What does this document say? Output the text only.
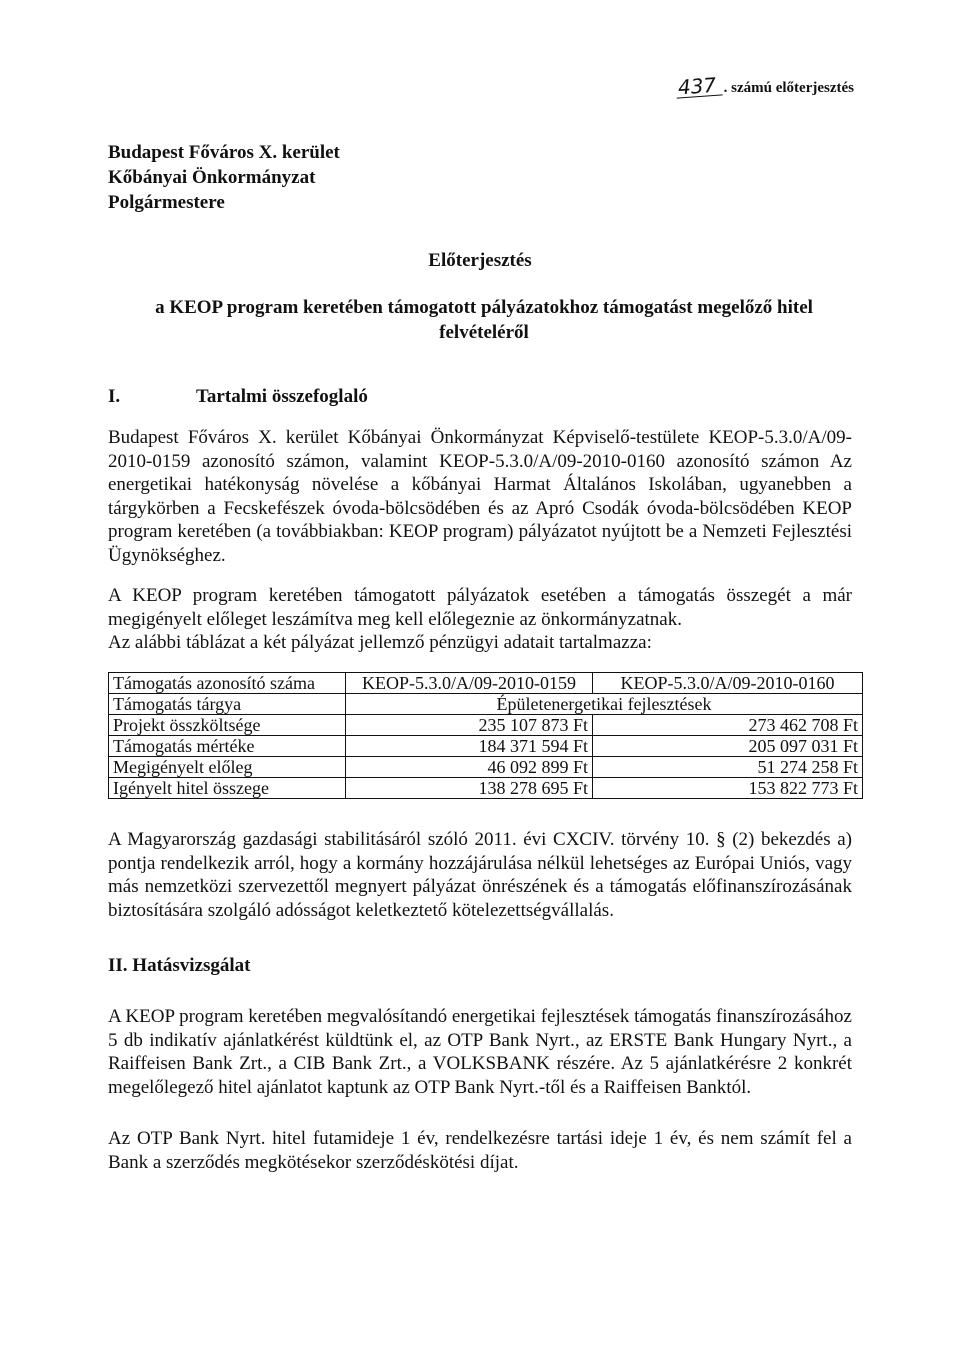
437 . számú előterjesztés
Budapest Főváros X. kerület
Kőbányai Önkormányzat
Polgármestere
Előterjesztés
a KEOP program keretében támogatott pályázatokhoz támogatást megelőző hitel felvételéről
I.	Tartalmi összefoglaló
Budapest Főváros X. kerület Kőbányai Önkormányzat Képviselő-testülete KEOP-5.3.0/A/09-2010-0159 azonosító számon, valamint KEOP-5.3.0/A/09-2010-0160 azonosító számon Az energetikai hatékonyság növelése a kőbányai Harmat Általános Iskolában, ugyanebben a tárgykörben a Fecskefészek óvoda-bölcsödében és az Apró Csodák óvoda-bölcsödében KEOP program keretében (a továbbiakban: KEOP program) pályázatot nyújtott be a Nemzeti Fejlesztési Ügynökséghez.
A KEOP program keretében támogatott pályázatok esetében a támogatás összegét a már megigényelt előleget leszámítva meg kell előlegeznie az önkormányzatnak.
Az alábbi táblázat a két pályázat jellemző pénzügyi adatait tartalmazza:
Támogatás azonosító száma	KEOP-5.3.0/A/09-2010-0159	KEOP-5.3.0/A/09-2010-0160
Támogatás tárgya	Épületenergetikai fejlesztések	
Projekt összköltsége	235 107 873 Ft	273 462 708 Ft
Támogatás mértéke	184 371 594 Ft	205 097 031 Ft
Megigényelt előleg	46 092 899 Ft	51 274 258 Ft
Igényelt hitel összege	138 278 695 Ft	153 822 773 Ft
A Magyarország gazdasági stabilitásáról szóló 2011. évi CXCIV. törvény 10. § (2) bekezdés a) pontja rendelkezik arról, hogy a kormány hozzájárulása nélkül lehetséges az Európai Uniós, vagy más nemzetközi szervezettől megnyert pályázat önrészének és a támogatás előfinanszírozásának biztosítására szolgáló adósságot keletkeztető kötelezettségvállalás.
II. Hatásvizsgálat
A KEOP program keretében megvalósítandó energetikai fejlesztések támogatás finanszírozásához 5 db indikatív ajánlatkérést küldtünk el, az OTP Bank Nyrt., az ERSTE Bank Hungary Nyrt., a Raiffeisen Bank Zrt., a CIB Bank Zrt., a VOLKSBANK részére. Az 5 ajánlatkérésre 2 konkrét megelőlegező hitel ajánlatot kaptunk az OTP Bank Nyrt.-től és a Raiffeisen Banktól.
Az OTP Bank Nyrt. hitel futamideje 1 év, rendelkezésre tartási ideje 1 év, és nem számít fel a Bank a szerződés megkötésekor szerződéskötési díjat.
